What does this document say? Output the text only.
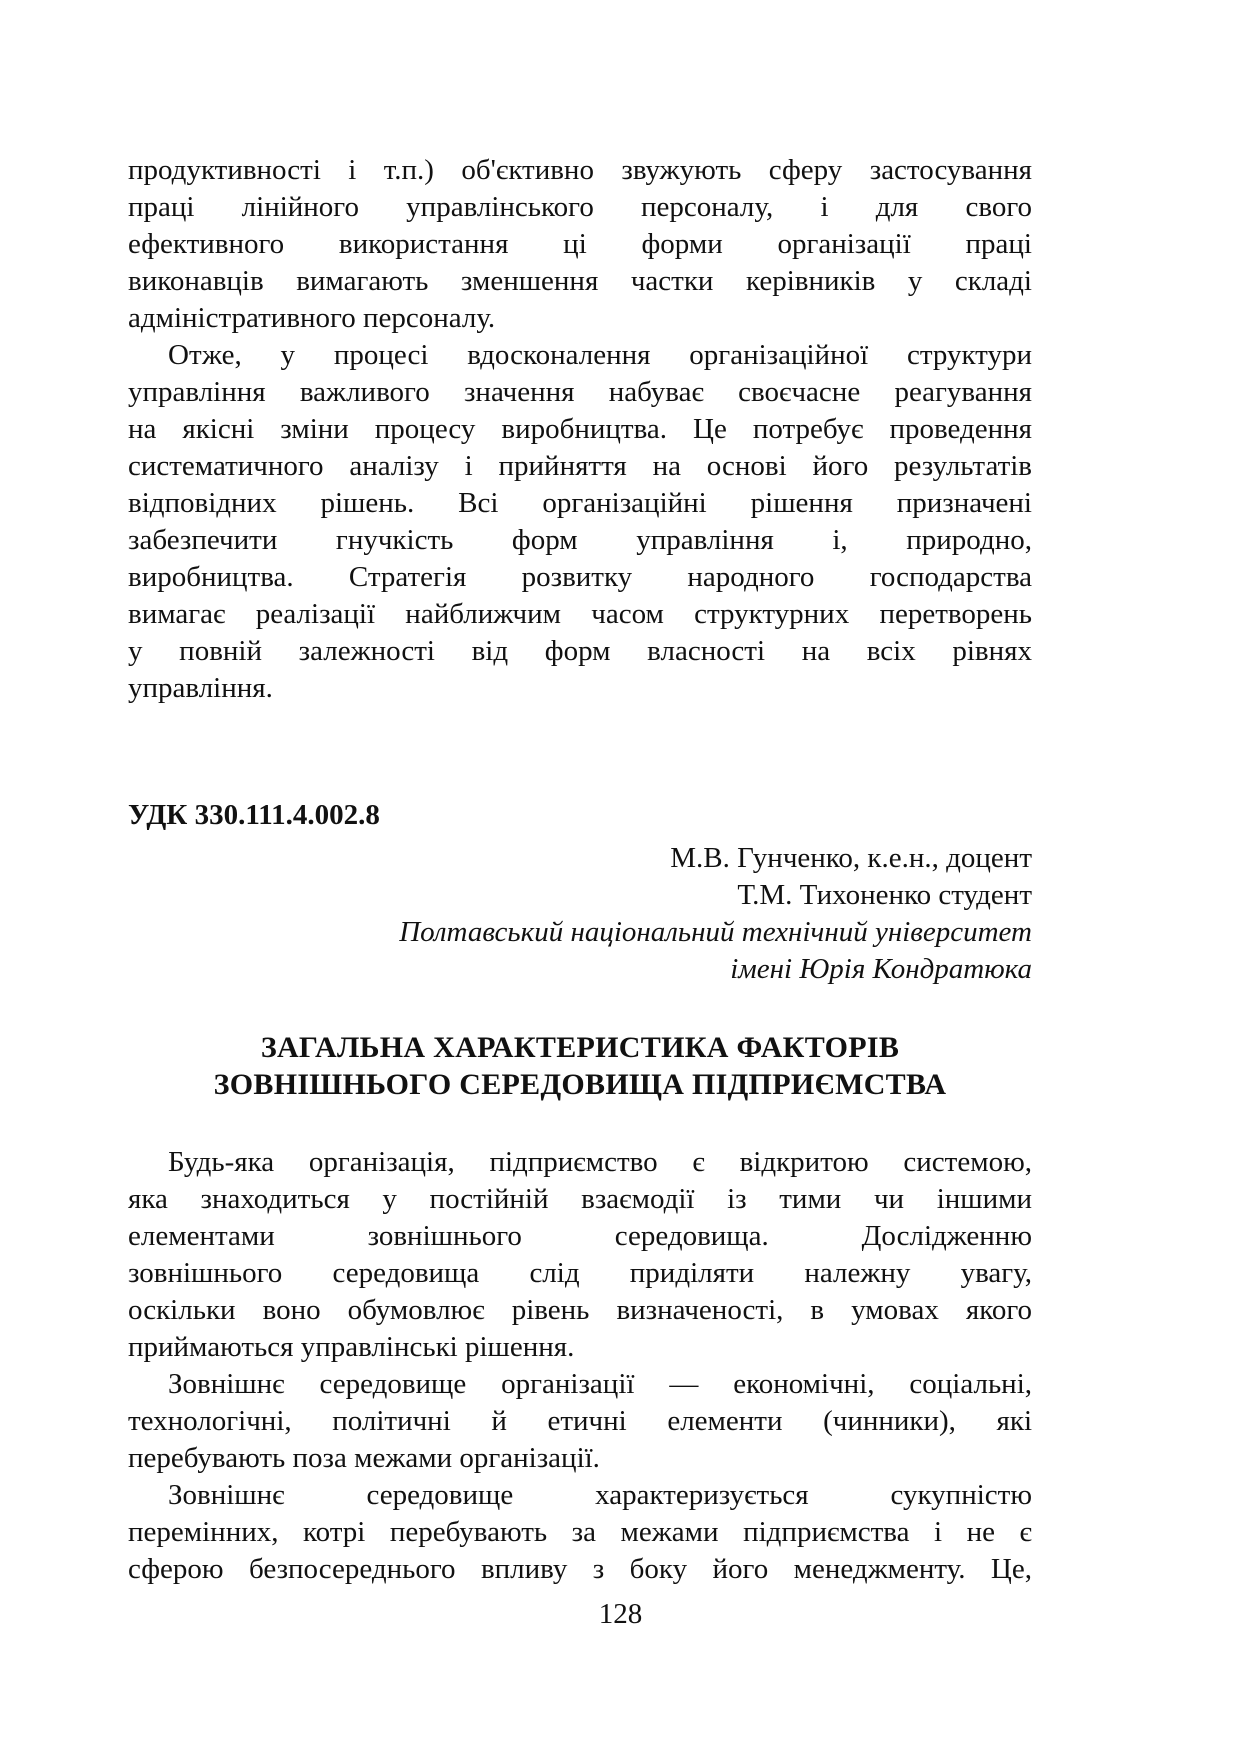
продуктивності і т.п.) об'єктивно звужують сферу застосування
праці лінійного управлінського персоналу, і для свого
ефективного використання ці форми організації праці
виконавців вимагають зменшення частки керівників у складі
адміністративного персоналу.
Отже, у процесі вдосконалення організаційної структури
управління важливого значення набуває своєчасне реагування
на якісні зміни процесу виробництва. Це потребує проведення
систематичного аналізу і прийняття на основі його результатів
відповідних рішень. Всі організаційні рішення призначені
забезпечити гнучкість форм управління і, природно,
виробництва. Стратегія розвитку народного господарства
вимагає реалізації найближчим часом структурних перетворень
у повній залежності від форм власності на всіх рівнях
управління.
УДК 330.111.4.002.8
М.В. Гунченко, к.е.н., доцент
Т.М. Тихоненко студент
Полтавський національний технічний університет
імені Юрія Кондратюка
ЗАГАЛЬНА ХАРАКТЕРИСТИКА ФАКТОРІВ
ЗОВНІШНЬОГО СЕРЕДОВИЩА ПІДПРИЄМСТВА
Будь-яка організація, підприємство є відкритою системою,
яка знаходиться у постійній взаємодії із тими чи іншими
елементами зовнішнього середовища. Дослідженню
зовнішнього середовища слід приділяти належну увагу,
оскільки воно обумовлює рівень визначеності, в умовах якого
приймаються управлінські рішення.
Зовнішнє середовище організації — економічні, соціальні,
технологічні, політичні й етичні елементи (чинники), які
перебувають поза межами організації.
Зовнішнє середовище характеризується сукупністю
перемінних, котрі перебувають за межами підприємства і не є
сферою безпосереднього впливу з боку його менеджменту. Це,
128
